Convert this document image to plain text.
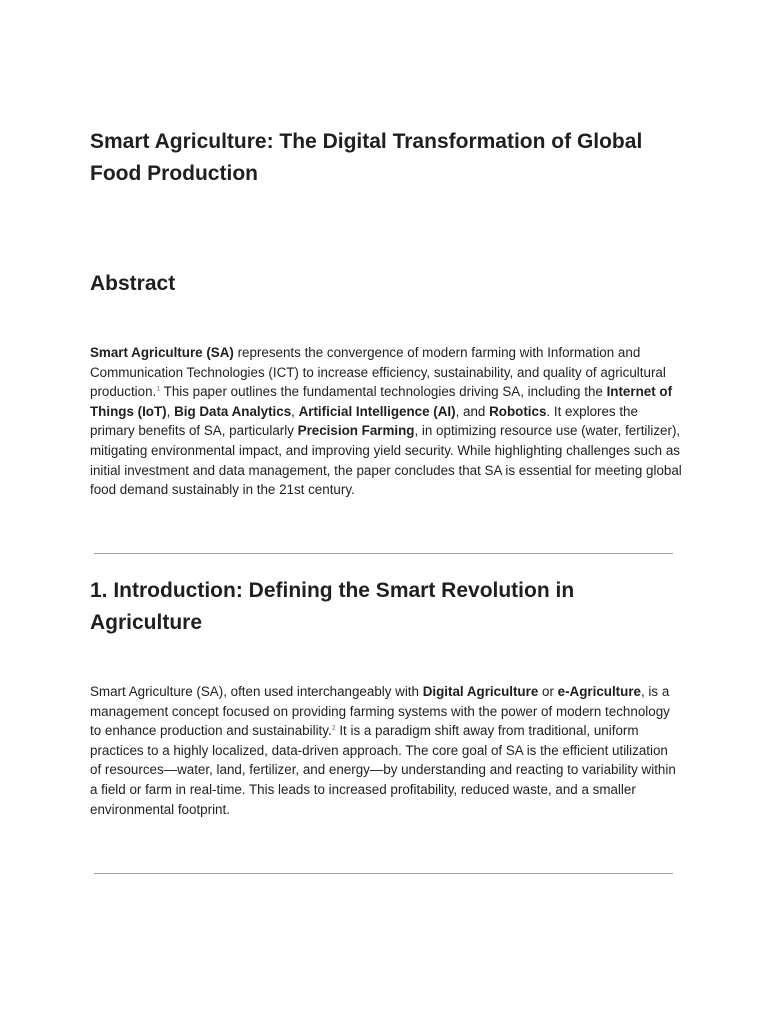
Smart Agriculture: The Digital Transformation of Global Food Production
Abstract

Smart Agriculture (SA) represents the convergence of modern farming with Information and Communication Technologies (ICT) to increase efficiency, sustainability, and quality of agricultural production.$^1$ This paper outlines the fundamental technologies driving SA, including the Internet of Things (IoT), Big Data Analytics, Artificial Intelligence (AI), and Robotics. It explores the primary benefits of SA, particularly Precision Farming, in optimizing resource use (water, fertilizer), mitigating environmental impact, and improving yield security. While highlighting challenges such as initial investment and data management, the paper concludes that SA is essential for meeting global food demand sustainably in the 21st century.

1. Introduction: Defining the Smart Revolution in Agriculture

Smart Agriculture (SA), often used interchangeably with Digital Agriculture or e-Agriculture, is a management concept focused on providing farming systems with the power of modern technology to enhance production and sustainability.$^2$ It is a paradigm shift away from traditional, uniform practices to a highly localized, data-driven approach. The core goal of SA is the efficient utilization of resources—water, land, fertilizer, and energy—by understanding and reacting to variability within a field or farm in real-time. This leads to increased profitability, reduced waste, and a smaller environmental footprint.
